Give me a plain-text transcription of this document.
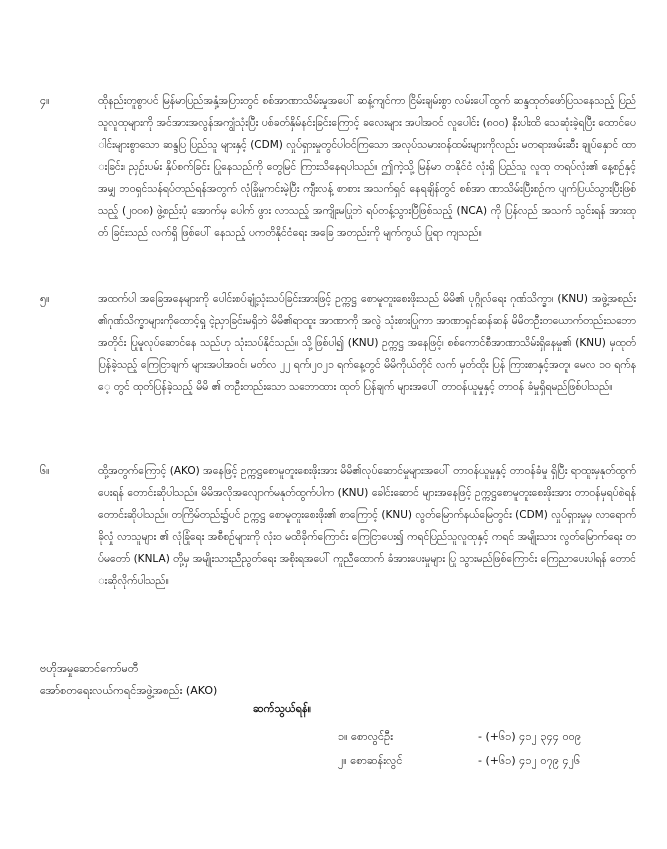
၄။	ထိုနည်းတူစွာပင် မြန်မာပြည်အနှံ့အပြားတွင် စစ်အာဏာသိမ်းမှုအပေါ် ဆန့်ကျင်ကာ ငြိမ်းချမ်းစွာ လမ်းပေါ်ထွက် ဆန္ဒထုတ်ဖော်ပြသနေသည့် ပြည်သူလူထုများကို အင်အားအလွန်အကျွံသုံးပြီး ပစ်ခတ်နှိမ်နင်းခြင်းကြောင့် ခလေးများ အပါအဝင် လူပေါင်း (၈၀၀) နီးပါးထိ သေဆုံးခဲ့ရပြီး ထောင်ပေါင်းများစွာသော ဆန္ဒပြ ပြည်သူ များနှင့် (CDM) လှုပ်ရှားမှုတွင်ပါဝင်ကြသော အလုပ်သမားဝန်ထမ်းများကိုလည်း မတရားဖမ်းဆီး ချုပ်နှောင် ထားခြင်း၊ ညှဉ်းပမ်း နှိပ်စက်ခြင်း ပြုနေသည်ကို တွေမြင် ကြားသိနေရပါသည်။ ဤကဲ့သို့ မြန်မာ တနိုင်ငံ လုံးရှိ ပြည်သူ လူထု တရပ်လုံး၏ နေ့စဉ်နှင့်အမျှ ဘဝရှင်သန်ရပ်တည်ရန်အတွက် လုံခြုံမှုကင်းမဲ့ပြီး ကျီးလန့် စာစား အသက်ရှင် နေရချိန်တွင် စစ်အာ ဏာသိမ်းပြီးစဉ်က ပျက်ပြယ်သွားပြီးဖြစ်သည့် (၂၀၀၈) ဖွဲ့စည်းပုံ အောက်မှ ပေါက် ဖွား လာသည့် အကျိုးမပြုဘဲ ရပ်တန့်သွားပြီဖြစ်သည့် (NCA) ကို ပြန်လည် အသက် သွင်းရန် အားထုတ် ခြင်းသည် လက်ရှိ ဖြစ်ပေါ် နေသည့် ပကတိနိုင်ငံရေး အခြေ အတည်းကို မျက်ကွယ် ပြုရာ ကျသည်။
၅။	အထက်ပါ အခြေအနေများကို ပေါင်းစပ်ချုံ့သုံးသပ်ခြင်းအားဖြင့် ဥက္ကဋ္ဌ စောမူတူးစေးဖိုးသည် မိမိ၏ ပုဂ္ဂိုလ်ရေး ဂုဏ်သိက္ခာ၊ (KNU) အဖွဲ့အစည်း၏ဂုဏ်သိက္ခာများကိုထောင့်ရှု ငဲ့ညှာခြင်းမရှိဘဲ မိမိ၏ရာထူး အာဏာကို အလွဲ သုံးစားပြုကာ အာဏာရှင်ဆန်ဆန် မိမိတဦးတယောက်တည်းသဘောအတိုင်း ပြုမူလုပ်ဆောင်နေ သည်ဟု သုံးသပ်နိုင်သည်။ သို့ဖြစ်ပါ၍ (KNU) ဥက္ကဋ္ဌ အနေဖြင့်၊ စစ်ကောင်စီအာဏာသိမ်းရှိနေမှု၏ (KNU) မှထုတ် ပြန်ခဲ့သည့် ကြေငြာချက် များအပါအဝင်၊ မတ်လ ၂၂ ရက်၊၂၀၂၁ ရက်နေ့တွင် မိမိကိုယ်တိုင် လက် မှတ်ထိုး ပြန် ကြားစာနှင့်အတူ၊ မေလ ၁၀ ရက်နေ့ တွင် ထုတ်ပြန်ခဲ့သည့် မိမိ ၏ တဦးတည်းသော သဘောထား ထုတ် ပြန်ချက် များအပေါ် တာဝန်ယူမှုနှင့် တာဝန် ခံမှုရှိရမည်ဖြစ်ပါသည်။
၆။	ထို့အတွက်ကြောင့် (AKO) အနေဖြင့် ဥက္ကဋ္ဌစောမူတူးစေးဖိုးအား မိမိ၏လုပ်ဆောင်မှုများအပေါ် တာဝန်ယူမှုနှင့် တာဝန်ခံမှု ရှိပြီး ရာထူးမှနုတ်ထွက်ပေးရန် တောင်းဆိုပါသည်။ မိမိအလိုအလျောက်မနုတ်ထွက်ပါက (KNU) ခေါင်းဆောင် များအနေဖြင့် ဥက္ကဋ္ဌစောမူတူးစေးဖိုးအား တာဝန်မှရပ်စဲရန် တောင်းဆိုပါသည်။ တကြိမ်တည်း၌ပင် ဥက္ကဋ္ဌ စောမူတူးစေးဖိုး၏ စာကြောင့် (KNU) လွတ်မြောက်နယ်မြေတွင်း (CDM) လှုပ်ရှားမှုမှ လာရောက် ခိုလှုံ လာသူများ ၏ လုံခြုံရေး အစီစဉ်များကို လုံးဝ မထိခိုက်ကြောင်း ကြေငြာပေး၍ ကရင်ပြည်သူလူထုနှင့် ကရင် အမျိုးသား လွတ်မြောက်ရေး တပ်မတော် (KNLA) တို့မှ အမျိုးသားညီညွတ်ရေး အစိုးရအပေါ် ကူညီထောက် ခံအားပေးမှုများ ပြု သွားမည်ဖြစ်ကြောင်း ကြေညာပေးပါရန် တောင်းဆိုလိုက်ပါသည်။
ဗဟိုအမှုဆောင်ကော်မတီ
အော်စတရေးလယ်ကရင်အဖွဲ့အစည်း (AKO)
ဆက်သွယ်ရန်။
၁။ စောလွင်ဦး	- (+၆၁) ၄၁၂ ၃၄၄ ၀၀၉
၂။ စောဆန်းလွင်	- (+၆၁) ၄၁၂ ၀၇၉ ၄၂၆
